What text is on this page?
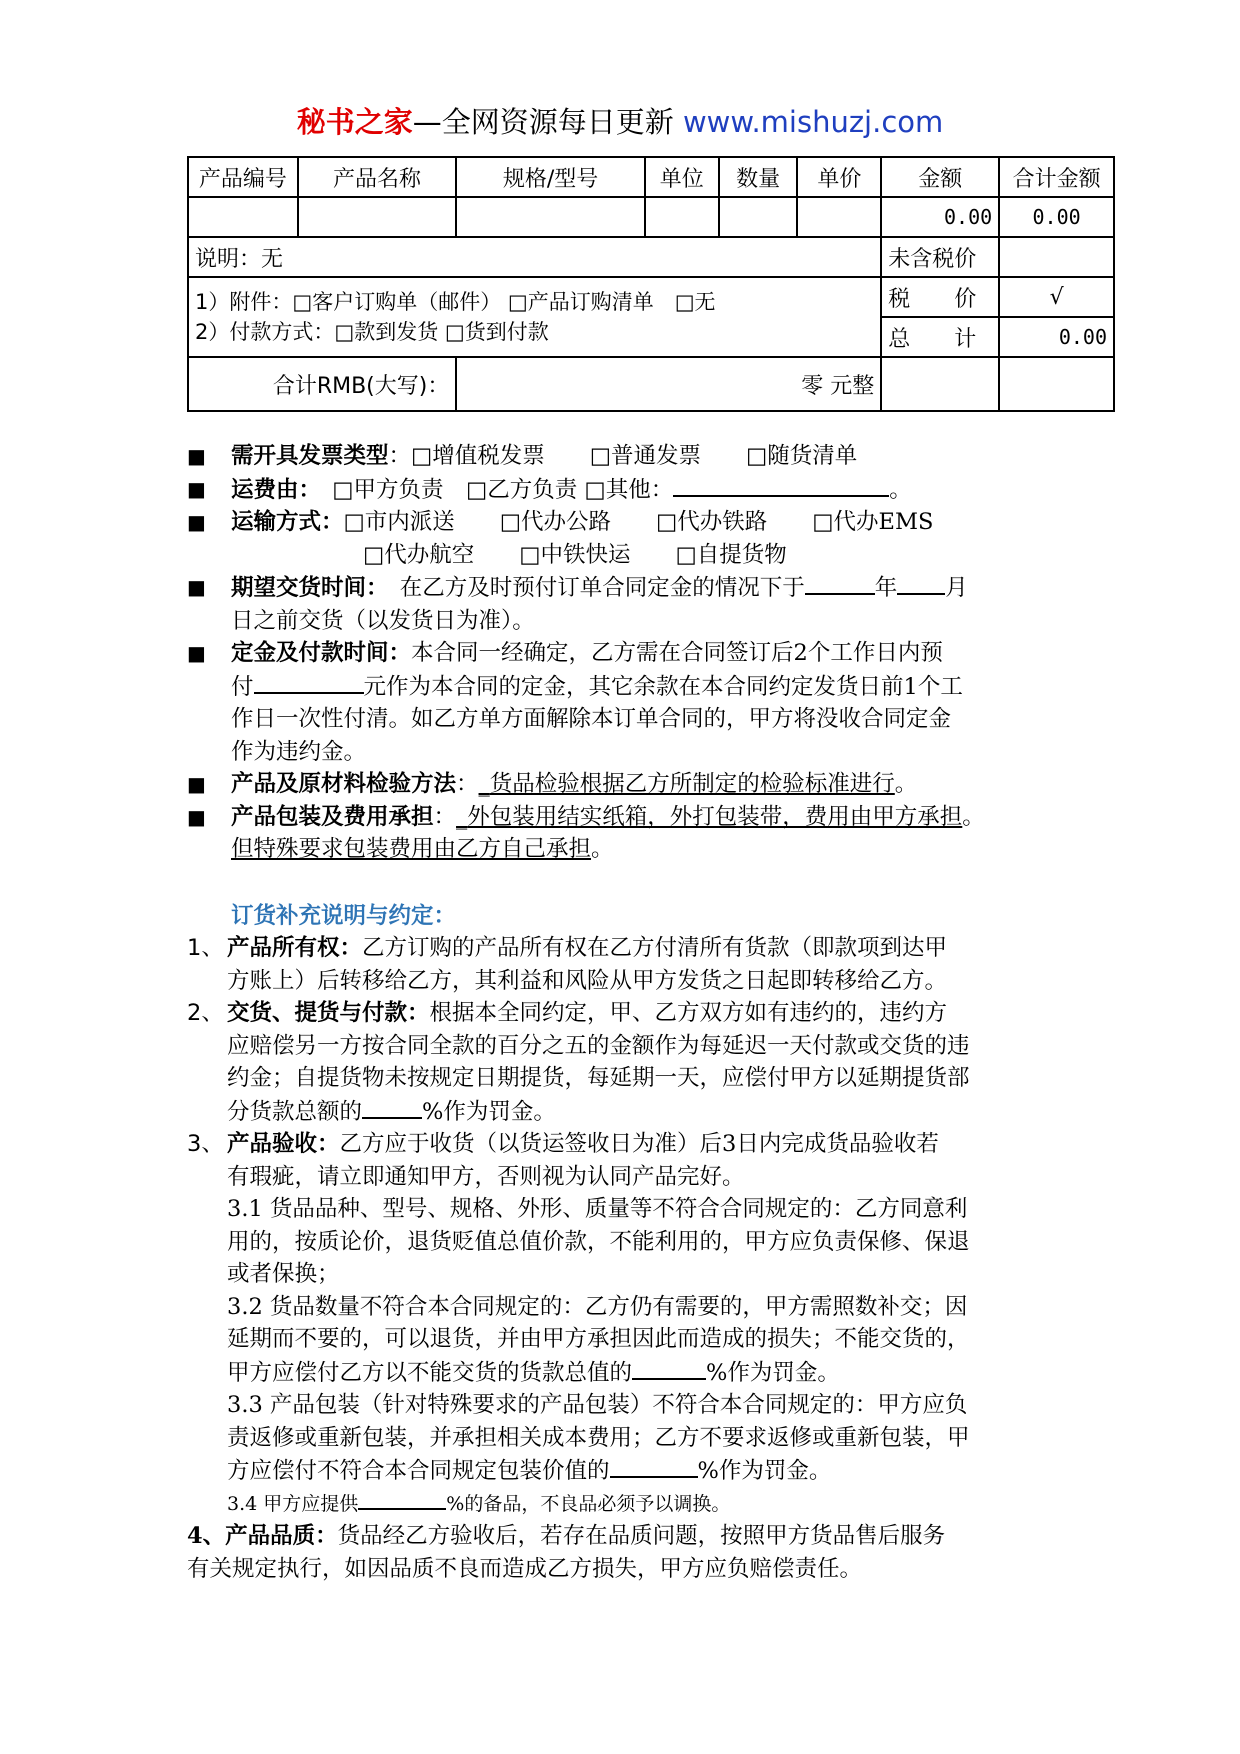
秘书之家—全网资源每日更新 www.mishuzj.com
产品编号	产品名称	规格/型号	单位	数量	单价	金额	合计金额
						0.00	0.00
说明：无						未含税价	

1）附件：□客户订购单（邮件） □产品订购清单　□无
2）付款方式：□款到发货 □货到付款						税　　价	√
						总　　计	0.00
合计RMB(大写)：		零 元整					
■ 需开具发票类型：□增值税发票　　□普通发票　　□随货清单
■ 运费由：　□甲方负责　□乙方负责 □其他：	。
■ 运输方式：□市内派送　　□代办公路　　□代办铁路　　□代办EMS
□代办航空　　□中铁快运　　□自提货物
■ 期望交货时间：　在乙方及时预付订单合同定金的情况下于	年 月
日之前交货（以发货日为准）。
■ 定金及付款时间：本合同一经确定，乙方需在合同签订后2个工作日内预
付	元作为本合同的定金，其它余款在本合同约定发货日前1个工
作日一次性付清。如乙方单方面解除本订单合同的，甲方将没收合同定金
作为违约金。
■ 产品及原材料检验方法：_货品检验根据乙方所制定的检验标准进行。
■ 产品包装及费用承担：_外包装用结实纸箱，外打包装带，费用由甲方承担。
但特殊要求包装费用由乙方自己承担。
订货补充说明与约定：
1、 产品所有权：乙方订购的产品所有权在乙方付清所有货款（即款项到达甲
方账上）后转移给乙方，其利益和风险从甲方发货之日起即转移给乙方。
2、 交货、提货与付款：根据本全同约定，甲、乙方双方如有违约的，违约方
应赔偿另一方按合同全款的百分之五的金额作为每延迟一天付款或交货的违
约金；自提货物未按规定日期提货，每延期一天，应偿付甲方以延期提货部
分货款总额的	%作为罚金。
3、 产品验收：乙方应于收货（以货运签收日为准）后3日内完成货品验收若
有瑕疵，请立即通知甲方，否则视为认同产品完好。
3.1 货品品种、型号、规格、外形、质量等不符合合同规定的：乙方同意利
用的，按质论价，退货贬值总值价款，不能利用的，甲方应负责保修、保退
或者保换；
3.2 货品数量不符合本合同规定的：乙方仍有需要的，甲方需照数补交；因
延期而不要的，可以退货，并由甲方承担因此而造成的损失；不能交货的，
甲方应偿付乙方以不能交货的货款总值的	%作为罚金。
3.3 产品包装（针对特殊要求的产品包装）不符合本合同规定的：甲方应负
责返修或重新包装，并承担相关成本费用；乙方不要求返修或重新包装，甲
方应偿付不符合本合同规定包装价值的	%作为罚金。
3.4 甲方应提供	%的备品，不良品必须予以调换。
4、产品品质：货品经乙方验收后，若存在品质问题，按照甲方货品售后服务
有关规定执行，如因品质不良而造成乙方损失，甲方应负赔偿责任。
